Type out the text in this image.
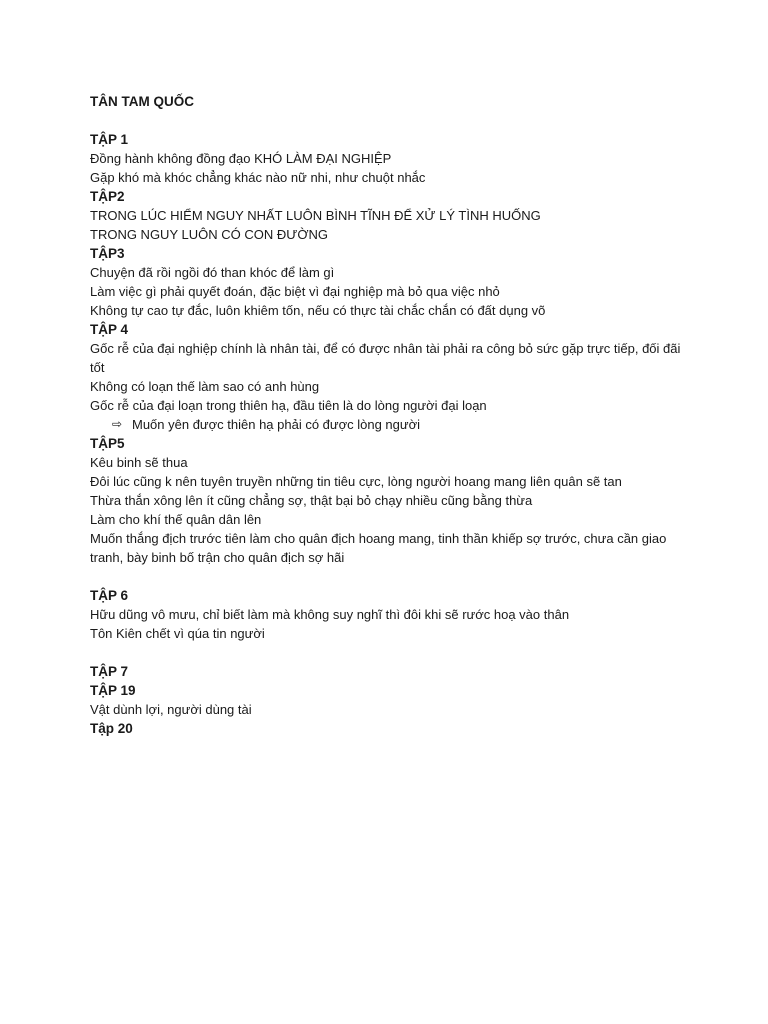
TÂN TAM QUỐC

TẬP 1

Đồng hành không đồng đạo KHÓ LÀM ĐẠI NGHIỆP

Gặp khó mà khóc chẳng khác nào nữ nhi, như chuột nhắc

TẬP2

TRONG LÚC HIỂM NGUY NHẤT LUÔN BÌNH TĨNH ĐỂ XỬ LÝ TÌNH HUỐNG

TRONG NGUY LUÔN CÓ CON ĐƯỜNG

TẬP3

Chuyện đã rồi ngồi đó than khóc để làm gì

Làm việc gì phải quyết đoán, đặc biệt vì đại nghiệp mà bỏ qua việc nhỏ

Không tự cao tự đắc, luôn khiêm tốn, nếu có thực tài chắc chắn có đất dụng võ

TẬP 4

Gốc rễ của đại nghiệp chính là nhân tài, để có được nhân tài phải ra công bỏ sức gặp trực tiếp, đối đãi tốt

Không có loạn thế làm sao có anh hùng

Gốc rễ của đại loạn trong thiên hạ, đầu tiên là do lòng người đại loạn

⇨ Muốn yên được thiên hạ phải có được lòng người

TẬP5

Kêu binh sẽ thua

Đôi lúc cũng k nên tuyên truyền những tin tiêu cực, lòng người hoang mang liên quân sẽ tan

Thừa thắn xông lên ít cũng chẳng sợ, thật bại bỏ chạy nhiều cũng bằng thừa

Làm cho khí thế quân dân lên

Muốn thắng địch trước tiên làm cho quân địch hoang mang, tinh thần khiếp sợ trước, chưa cần giao tranh, bày binh bố trận cho quân địch sợ hãi

TẬP 6

Hữu dũng vô mưu, chỉ biết làm mà không suy nghĩ thì đôi khi sẽ rước hoạ vào thân

Tôn Kiên chết vì qúa tin người

TẬP 7

TẬP 19

Vật dùnh lợi, người dùng tài

Tập 20
